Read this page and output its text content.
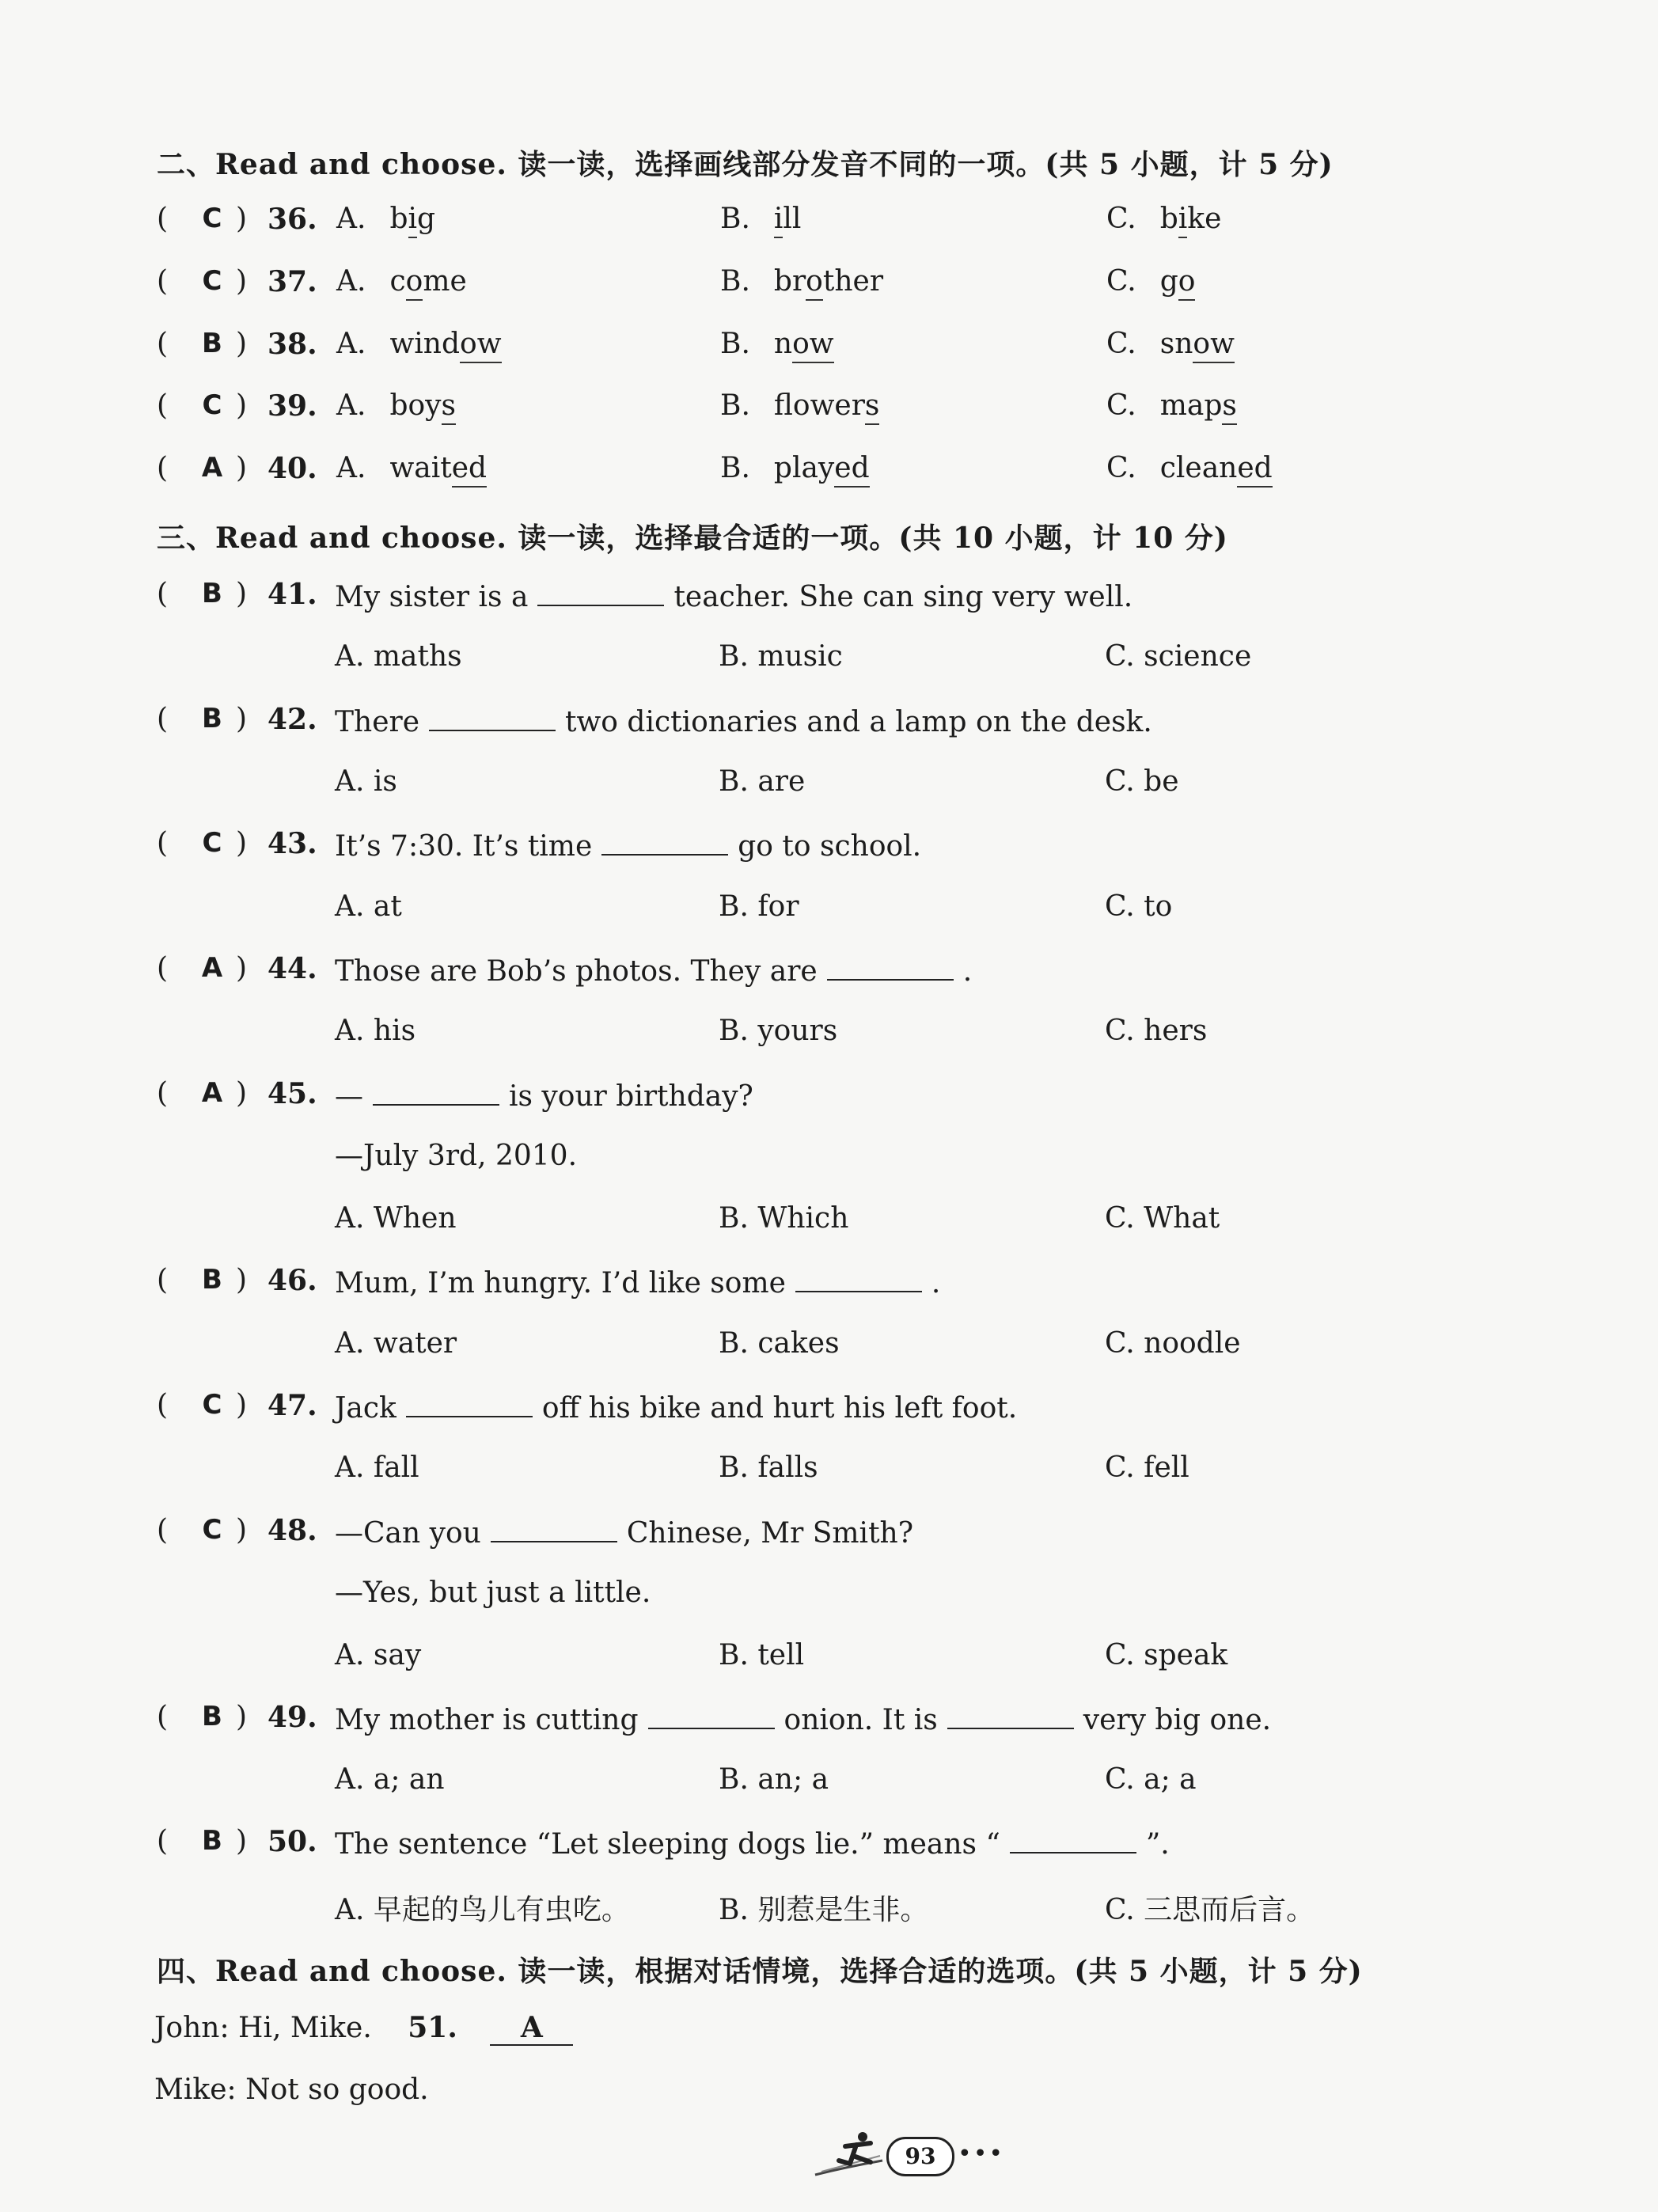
二、Read and choose. 读一读，选择画线部分发音不同的一项。(共 5 小题，计 5 分)
( C ) 36. A. big	B. ill	C. bike
( C ) 37. A. come	B. brother	C. go
( B ) 38. A. window	B. now	C. snow
( C ) 39. A. boys	B. flowers	C. maps
( A ) 40. A. waited	B. played	C. cleaned
三、Read and choose. 读一读，选择最合适的一项。(共 10 小题，计 10 分)
( B ) 41. My sister is a	teacher. She can sing very well.
A. maths	B. music	C. science
( B ) 42. There	two dictionaries and a lamp on the desk.
A. is	B. are	C. be
( C ) 43. It’s 7:30. It’s time	go to school.
A. at	B. for	C. to
( A ) 44. Those are Bob’s photos. They are	.
A. his	B. yours	C. hers
( A ) 45. —	is your birthday?
—July 3rd, 2010.
A. When	B. Which	C. What
( B ) 46. Mum, I’m hungry. I’d like some	.
A. water	B. cakes	C. noodle
( C ) 47. Jack	off his bike and hurt his left foot.
A. fall	B. falls	C. fell
( C ) 48. —Can you	Chinese, Mr Smith?
—Yes, but just a little.
A. say	B. tell	C. speak
( B ) 49. My mother is cutting	onion. It is	very big one.
A. a; an	B. an; a	C. a; a
( B ) 50. The sentence “Let sleeping dogs lie.” means “	”.
A. 早起的鸟儿有虫吃。	B. 别惹是生非。	C. 三思而后言。
四、Read and choose. 读一读，根据对话情境，选择合适的选项。(共 5 小题，计 5 分)
John: Hi, Mike. 51. A
Mike: Not so good.
93 •••
